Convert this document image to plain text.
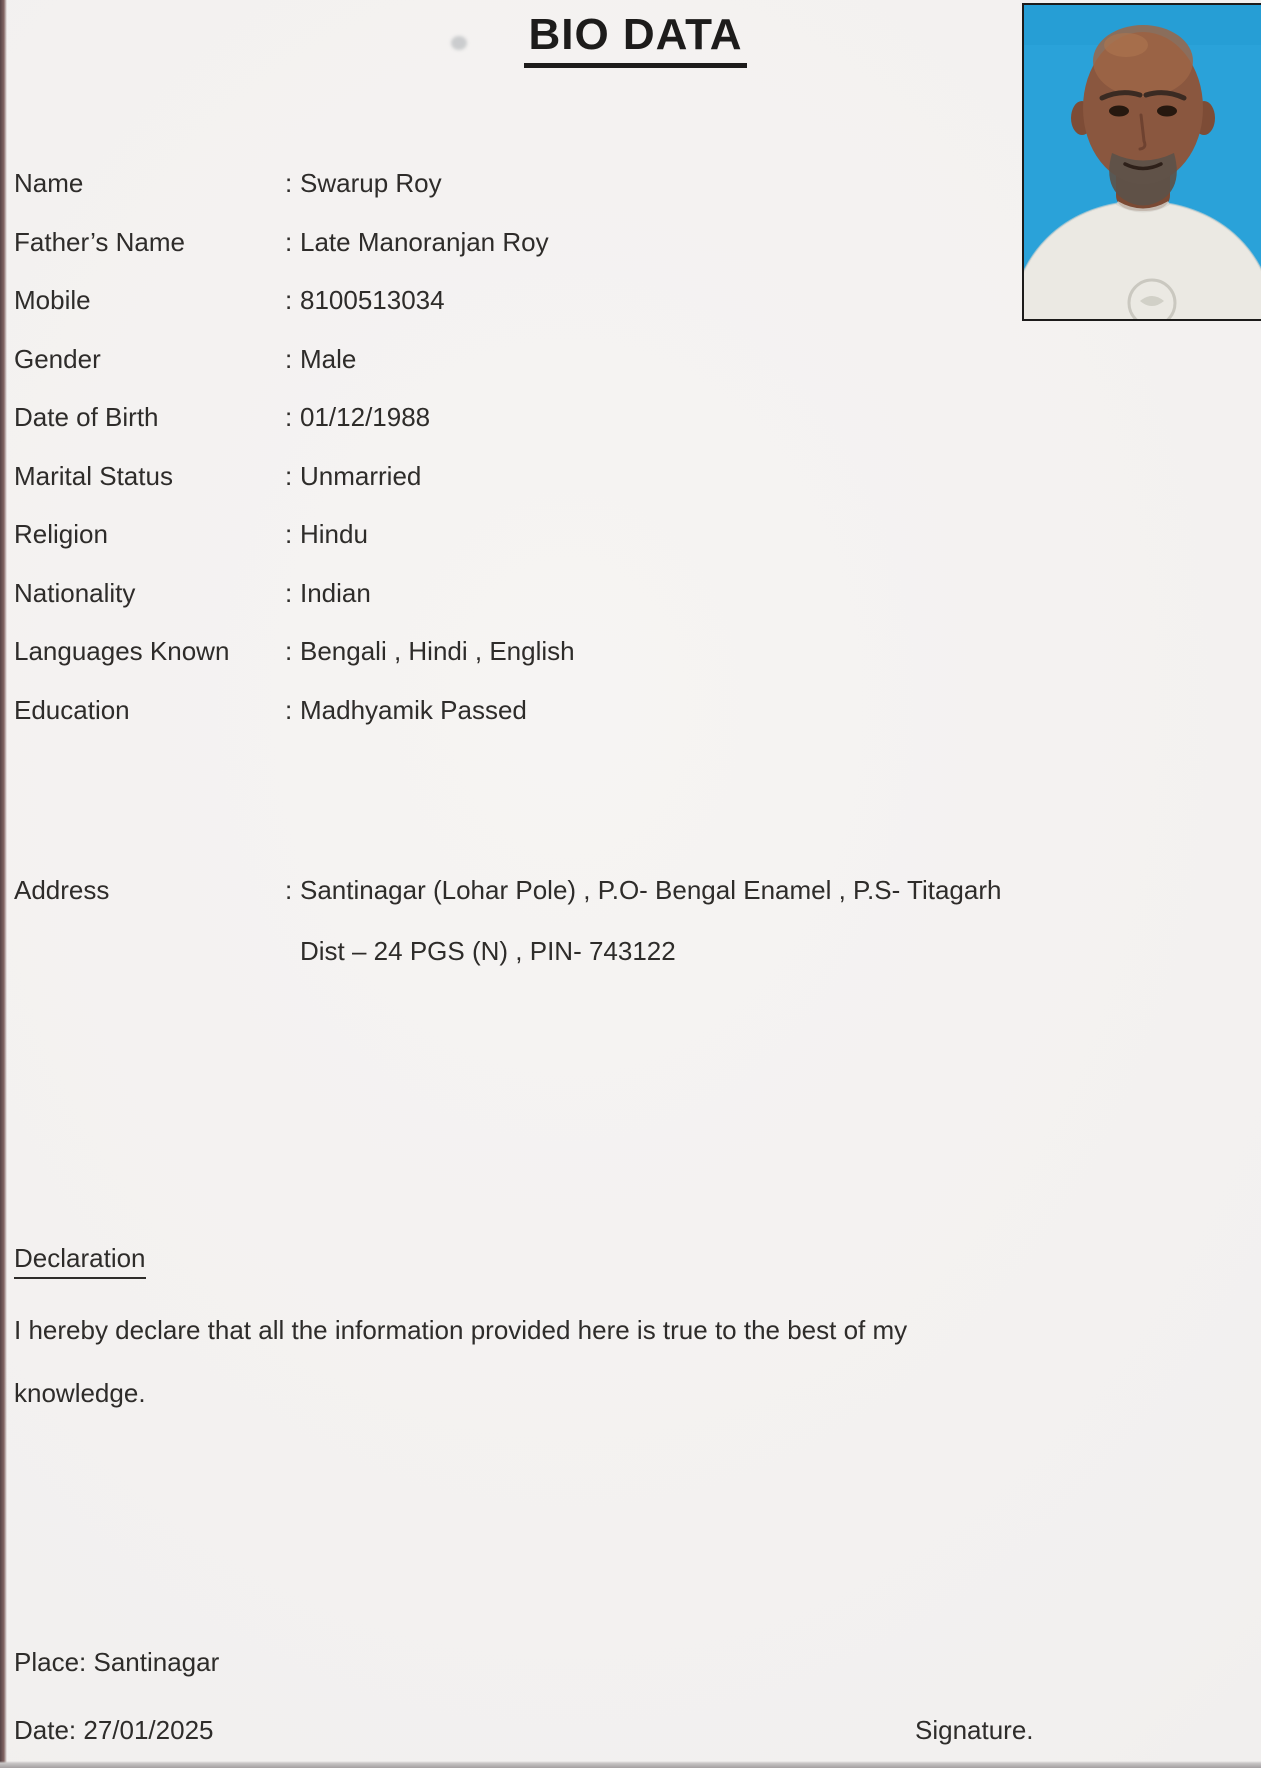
BIO DATA
Name	: Swarup Roy
Father’s Name	: Late Manoranjan Roy
Mobile	: 8100513034
Gender	: Male
Date of Birth	: 01/12/1988
Marital Status	: Unmarried
Religion	: Hindu
Nationality	: Indian
Languages Known	: Bengali , Hindi , English
Education	: Madhyamik Passed
Address	: Santinagar (Lohar Pole) , P.O- Bengal Enamel , P.S- Titagarh
Dist – 24 PGS (N) , PIN- 743122
Declaration
I hereby declare that all the information provided here is true to the best of my
knowledge.
Place: Santinagar
Date: 27/01/2025	Signature.
